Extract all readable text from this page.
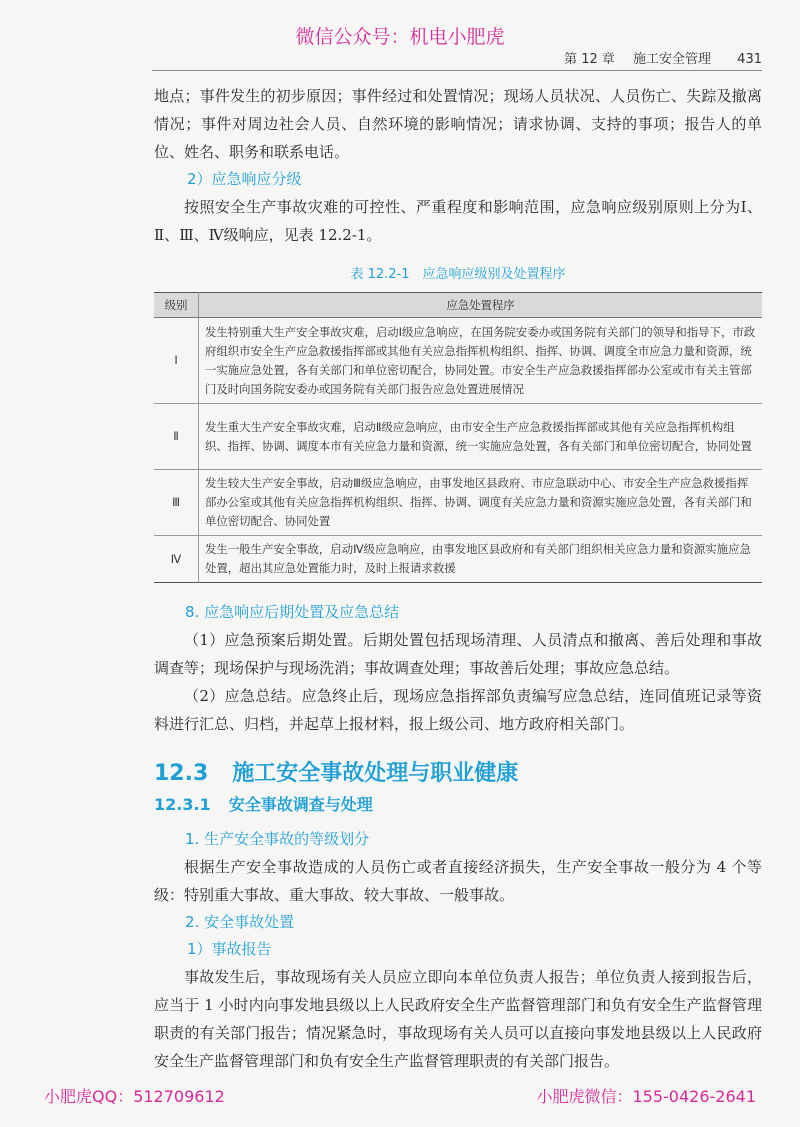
微信公众号：机电小肥虎
第 12 章 施工安全管理 431

地点；事件发生的初步原因；事件经过和处置情况；现场人员状况、人员伤亡、失踪及撤离情况；事件对周边社会人员、自然环境的影响情况；请求协调、支持的事项；报告人的单位、姓名、职务和联系电话。

2）应急响应分级

按照安全生产事故灾难的可控性、严重程度和影响范围，应急响应级别原则上分为Ⅰ、Ⅱ、Ⅲ、Ⅳ级响应，见表 12.2-1。

表 12.2-1　应急响应级别及处置程序
级别	应急处置程序
Ⅰ	发生特别重大生产安全事故灾难，启动Ⅰ级应急响应，在国务院安委办或国务院有关部门的领导和指导下，市政府组织市安全生产应急救援指挥部或其他有关应急指挥机构组织、指挥、协调、调度全市应急力量和资源，统一实施应急处置，各有关部门和单位密切配合，协同处置。市安全生产应急救援指挥部办公室或市有关主管部门及时向国务院安委办或国务院有关部门报告应急处置进展情况
Ⅱ	发生重大生产安全事故灾难，启动Ⅱ级应急响应，由市安全生产应急救援指挥部或其他有关应急指挥机构组织、指挥、协调、调度本市有关应急力量和资源，统一实施应急处置，各有关部门和单位密切配合，协同处置
Ⅲ	发生较大生产安全事故，启动Ⅲ级应急响应，由事发地区县政府、市应急联动中心、市安全生产应急救援指挥部办公室或其他有关应急指挥机构组织、指挥、协调、调度有关应急力量和资源实施应急处置，各有关部门和单位密切配合、协同处置
Ⅳ	发生一般生产安全事故，启动Ⅳ级应急响应，由事发地区县政府和有关部门组织相关应急力量和资源实施应急处置，超出其应急处置能力时，及时上报请求救援
8. 应急响应后期处置及应急总结

（1）应急预案后期处置。后期处置包括现场清理、人员清点和撤离、善后处理和事故调查等；现场保护与现场洗消；事故调查处理；事故善后处理；事故应急总结。

（2）应急总结。应急终止后，现场应急指挥部负责编写应急总结，连同值班记录等资料进行汇总、归档，并起草上报材料，报上级公司、地方政府相关部门。

12.3 施工安全事故处理与职业健康
12.3.1 安全事故调查与处理
1. 生产安全事故的等级划分

根据生产安全事故造成的人员伤亡或者直接经济损失，生产安全事故一般分为 4 个等级：特别重大事故、重大事故、较大事故、一般事故。

2. 安全事故处置
1）事故报告

事故发生后，事故现场有关人员应立即向本单位负责人报告；单位负责人接到报告后，应当于 1 小时内向事发地县级以上人民政府安全生产监督管理部门和负有安全生产监督管理职责的有关部门报告；情况紧急时，事故现场有关人员可以直接向事发地县级以上人民政府安全生产监督管理部门和负有安全生产监督管理职责的有关部门报告。

小肥虎QQ：512709612	小肥虎微信：155-0426-2641
